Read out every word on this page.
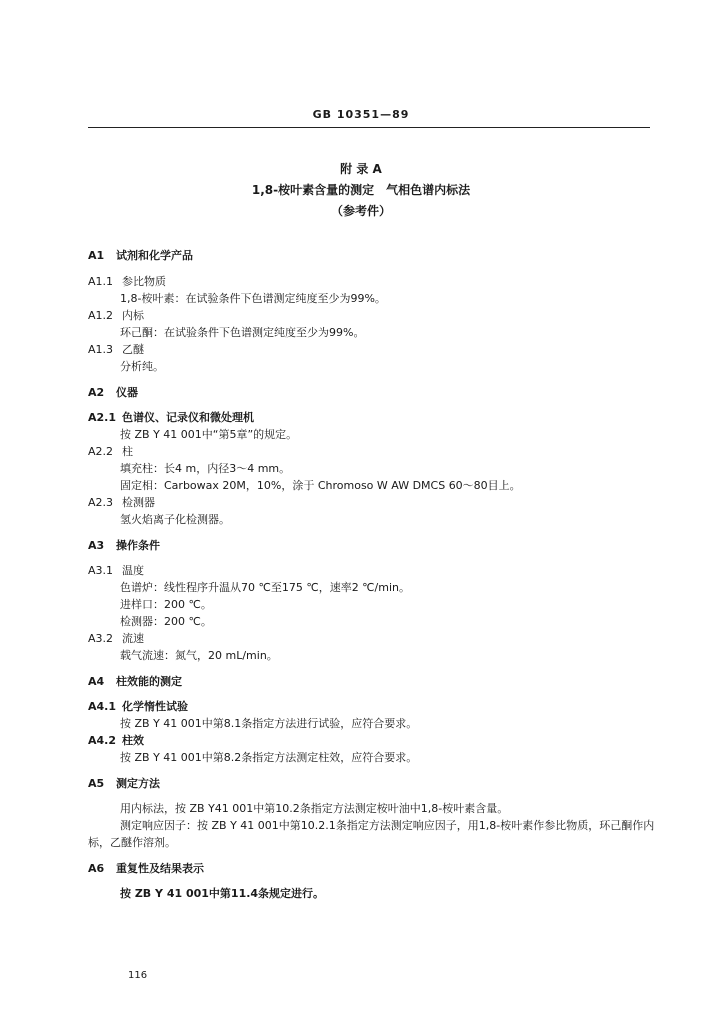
GB 10351—89
附 录 A
1,8-桉叶素含量的测定　气相色谱内标法
（参考件）
A1 试剂和化学产品
A1.1 参比物质
1,8-桉叶素：在试验条件下色谱测定纯度至少为99%。
A1.2 内标
环己酮：在试验条件下色谱测定纯度至少为99%。
A1.3 乙醚
分析纯。
A2 仪器
A2.1 色谱仪、记录仪和微处理机
按 ZB Y 41 001中“第5章”的规定。
A2.2 柱
填充柱：长4 m，内径3～4 mm。
固定相：Carbowax 20M，10%，涂于 Chromoso W AW DMCS 60～80目上。
A2.3 检测器
氢火焰离子化检测器。
A3 操作条件
A3.1 温度
色谱炉：线性程序升温从70 ℃至175 ℃，速率2 ℃/min。
进样口：200 ℃。
检测器：200 ℃。
A3.2 流速
载气流速：氮气，20 mL/min。
A4 柱效能的测定
A4.1 化学惰性试验
按 ZB Y 41 001中第8.1条指定方法进行试验，应符合要求。
A4.2 柱效
按 ZB Y 41 001中第8.2条指定方法测定柱效，应符合要求。
A5 测定方法
用内标法，按 ZB Y41 001中第10.2条指定方法测定桉叶油中1,8-桉叶素含量。
测定响应因子：按 ZB Y 41 001中第10.2.1条指定方法测定响应因子，用1,8-桉叶素作参比物质，环己酮作内标，乙醚作溶剂。
A6 重复性及结果表示
按 ZB Y 41 001中第11.4条规定进行。
116
